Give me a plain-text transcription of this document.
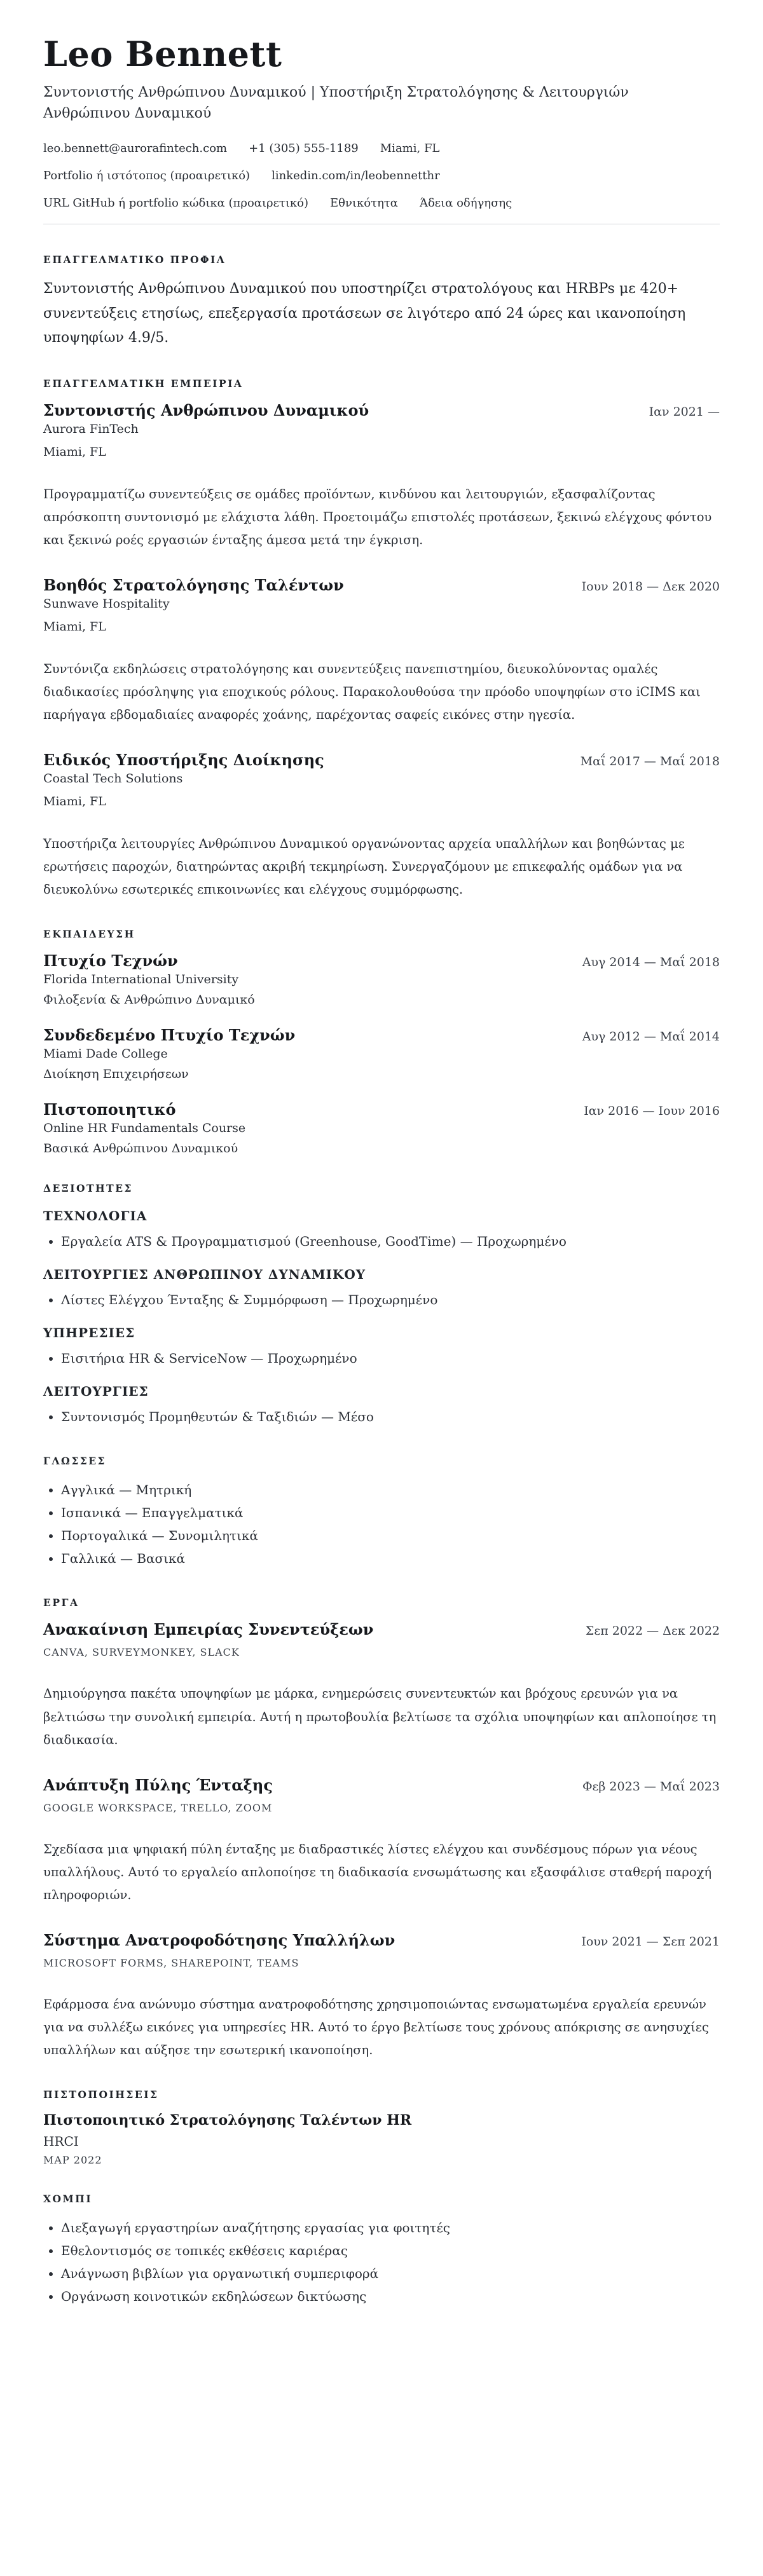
Leo Bennett
Συντονιστής Ανθρώπινου Δυναμικού | Υποστήριξη Στρατολόγησης & Λειτουργιών Ανθρώπινου Δυναμικού
leo.bennett@aurorafintech.com +1 (305) 555-1189 Miami, FL
Portfolio ή ιστότοπος (προαιρετικό) linkedin.com/in/leobennetthr
URL GitHub ή portfolio κώδικα (προαιρετικό) Εθνικότητα Άδεια οδήγησης
ΕΠΑΓΓΕΛΜΑΤΙΚΟ ΠΡΟΦΙΛ

Συντονιστής Ανθρώπινου Δυναμικού που υποστηρίζει στρατολόγους και HRBPs με 420+ συνεντεύξεις ετησίως, επεξεργασία προτάσεων σε λιγότερο από 24 ώρες και ικανοποίηση υποψηφίων 4.9/5.

ΕΠΑΓΓΕΛΜΑΤΙΚΗ ΕΜΠΕΙΡΙΑ
Συντονιστής Ανθρώπινου Δυναμικού	Ιαν 2021 —
Aurora FinTech
Miami, FL
Προγραμματίζω συνεντεύξεις σε ομάδες προϊόντων, κινδύνου και λειτουργιών, εξασφαλίζοντας απρόσκοπτη συντονισμό με ελάχιστα λάθη. Προετοιμάζω επιστολές προτάσεων, ξεκινώ ελέγχους φόντου και ξεκινώ ροές εργασιών ένταξης άμεσα μετά την έγκριση.
Βοηθός Στρατολόγησης Ταλέντων	Ιουν 2018 — Δεκ 2020
Sunwave Hospitality
Miami, FL
Συντόνιζα εκδηλώσεις στρατολόγησης και συνεντεύξεις πανεπιστημίου, διευκολύνοντας ομαλές διαδικασίες πρόσληψης για εποχικούς ρόλους. Παρακολουθούσα την πρόοδο υποψηφίων στο iCIMS και παρήγαγα εβδομαδιαίες αναφορές χοάνης, παρέχοντας σαφείς εικόνες στην ηγεσία.
Ειδικός Υποστήριξης Διοίκησης	Μαΐ 2017 — Μαΐ 2018
Coastal Tech Solutions
Miami, FL
Υποστήριζα λειτουργίες Ανθρώπινου Δυναμικού οργανώνοντας αρχεία υπαλλήλων και βοηθώντας με ερωτήσεις παροχών, διατηρώντας ακριβή τεκμηρίωση. Συνεργαζόμουν με επικεφαλής ομάδων για να διευκολύνω εσωτερικές επικοινωνίες και ελέγχους συμμόρφωσης.
ΕΚΠΑΙΔΕΥΣΗ
Πτυχίο Τεχνών	Αυγ 2014 — Μαΐ 2018
Florida International University
Φιλοξενία & Ανθρώπινο Δυναμικό
Συνδεδεμένο Πτυχίο Τεχνών	Αυγ 2012 — Μαΐ 2014
Miami Dade College
Διοίκηση Επιχειρήσεων
Πιστοποιητικό	Ιαν 2016 — Ιουν 2016
Online HR Fundamentals Course
Βασικά Ανθρώπινου Δυναμικού
ΔΕΞΙΟΤΗΤΕΣ
ΤΕΧΝΟΛΟΓΙΑ
• Εργαλεία ATS & Προγραμματισμού (Greenhouse, GoodTime) — Προχωρημένο
ΛΕΙΤΟΥΡΓΙΕΣ ΑΝΘΡΩΠΙΝΟΥ ΔΥΝΑΜΙΚΟΥ
• Λίστες Ελέγχου Ένταξης & Συμμόρφωση — Προχωρημένο
ΥΠΗΡΕΣΙΕΣ
• Εισιτήρια HR & ServiceNow — Προχωρημένο
ΛΕΙΤΟΥΡΓΙΕΣ
• Συντονισμός Προμηθευτών & Ταξιδιών — Μέσο
ΓΛΩΣΣΕΣ
• Αγγλικά — Μητρική
• Ισπανικά — Επαγγελματικά
• Πορτογαλικά — Συνομιλητικά
• Γαλλικά — Βασικά
ΕΡΓΑ
Ανακαίνιση Εμπειρίας Συνεντεύξεων	Σεπ 2022 — Δεκ 2022
CANVA, SURVEYMONKEY, SLACK
Δημιούργησα πακέτα υποψηφίων με μάρκα, ενημερώσεις συνεντευκτών και βρόχους ερευνών για να βελτιώσω την συνολική εμπειρία. Αυτή η πρωτοβουλία βελτίωσε τα σχόλια υποψηφίων και απλοποίησε τη διαδικασία.
Ανάπτυξη Πύλης Ένταξης	Φεβ 2023 — Μαΐ 2023
GOOGLE WORKSPACE, TRELLO, ZOOM
Σχεδίασα μια ψηφιακή πύλη ένταξης με διαδραστικές λίστες ελέγχου και συνδέσμους πόρων για νέους υπαλλήλους. Αυτό το εργαλείο απλοποίησε τη διαδικασία ενσωμάτωσης και εξασφάλισε σταθερή παροχή πληροφοριών.
Σύστημα Ανατροφοδότησης Υπαλλήλων	Ιουν 2021 — Σεπ 2021
MICROSOFT FORMS, SHAREPOINT, TEAMS
Εφάρμοσα ένα ανώνυμο σύστημα ανατροφοδότησης χρησιμοποιώντας ενσωματωμένα εργαλεία ερευνών για να συλλέξω εικόνες για υπηρεσίες HR. Αυτό το έργο βελτίωσε τους χρόνους απόκρισης σε ανησυχίες υπαλλήλων και αύξησε την εσωτερική ικανοποίηση.
ΠΙΣΤΟΠΟΙΗΣΕΙΣ
Πιστοποιητικό Στρατολόγησης Ταλέντων HR
HRCI
ΜΑΡ 2022
ΧΟΜΠΙ
• Διεξαγωγή εργαστηρίων αναζήτησης εργασίας για φοιτητές
• Εθελοντισμός σε τοπικές εκθέσεις καριέρας
• Ανάγνωση βιβλίων για οργανωτική συμπεριφορά
• Οργάνωση κοινοτικών εκδηλώσεων δικτύωσης
